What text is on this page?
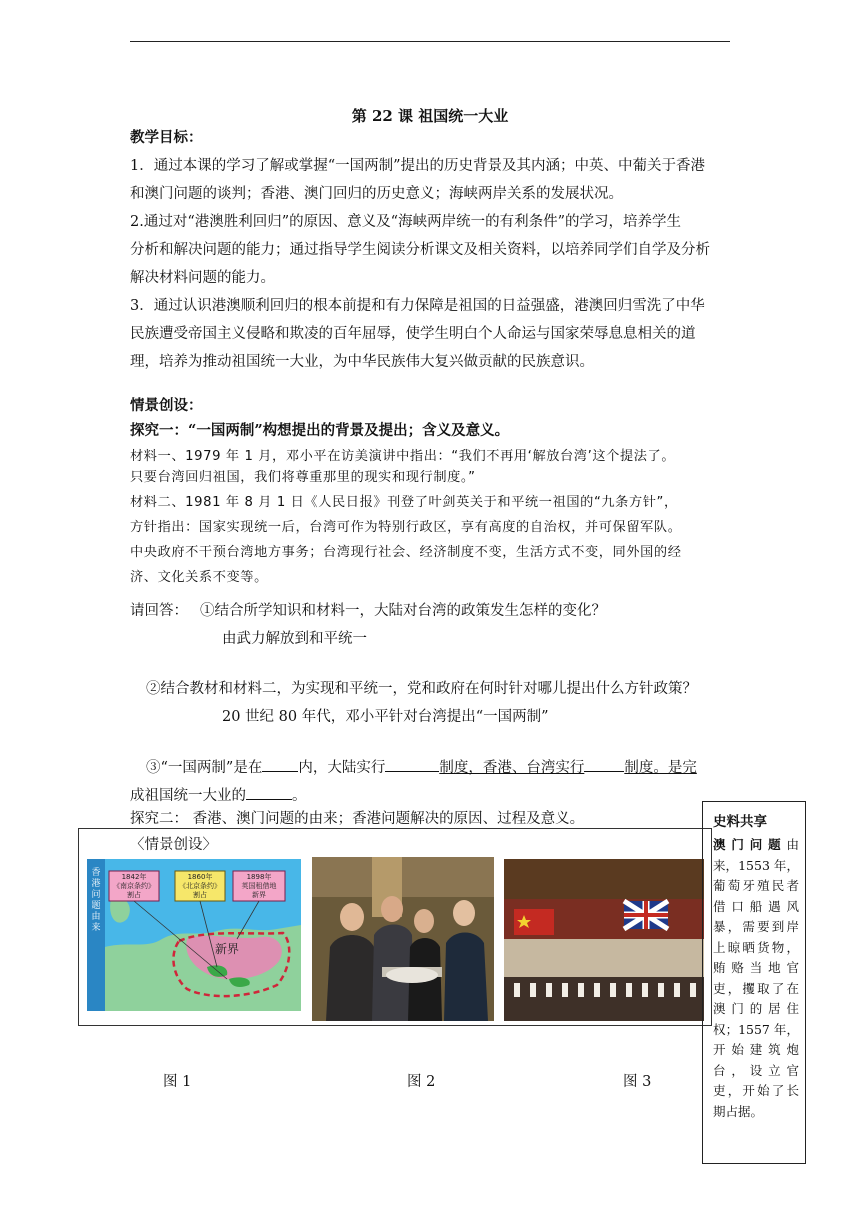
第 22 课 祖国统一大业
教学目标：
1．通过本课的学习了解或掌握“一国两制”提出的历史背景及其内涵；中英、中葡关于香港
和澳门问题的谈判；香港、澳门回归的历史意义；海峡两岸关系的发展状况。
2.通过对“港澳胜利回归”的原因、意义及“海峡两岸统一的有利条件”的学习，培养学生
分析和解决问题的能力；通过指导学生阅读分析课文及相关资料，以培养同学们自学及分析
解决材料问题的能力。
3．通过认识港澳顺利回归的根本前提和有力保障是祖国的日益强盛，港澳回归雪洗了中华
民族遭受帝国主义侵略和欺凌的百年屈辱，使学生明白个人命运与国家荣辱息息相关的道
理，培养为推动祖国统一大业，为中华民族伟大复兴做贡献的民族意识。
情景创设：
探究一：“一国两制”构想提出的背景及提出；含义及意义。
材料一、1979 年 1 月，邓小平在访美演讲中指出：“我们不再用‘解放台湾’这个提法了。
只要台湾回归祖国，我们将尊重那里的现实和现行制度。”
材料二、1981 年 8 月 1 日《人民日报》刊登了叶剑英关于和平统一祖国的“九条方针”，
方针指出：国家实现统一后，台湾可作为特别行政区，享有高度的自治权，并可保留军队。
中央政府不干预台湾地方事务；台湾现行社会、经济制度不变，生活方式不变，同外国的经
济、文化关系不变等。
请回答： ①结合所学知识和材料一，大陆对台湾的政策发生怎样的变化？
由武力解放到和平统一
②结合教材和材料二，为实现和平统一，党和政府在何时针对哪儿提出什么方针政策？
20 世纪 80 年代，邓小平针对台湾提出“一国两制”
③“一国两制”是在 内，大陆实行	制度，香港、台湾实行	制度。是完
成祖国统一大业的	。
探究二： 香港、澳门问题的由来；香港问题解决的原因、过程及意义。
〈情景创设〉
香港问题由来
新界
1842年
《南京条约》
割占
1860年
《北京条约》
割占
1898年
英国租借地
新界
图 1	图 2	图 3
史料共享
澳门问题由来，1553 年，葡萄牙殖民者借口船遇风暴，需要到岸上晾晒货物，贿赂当地官吏，攫取了在澳门的居住权；1557 年，开始建筑炮台，设立官吏，开始了长期占据。
